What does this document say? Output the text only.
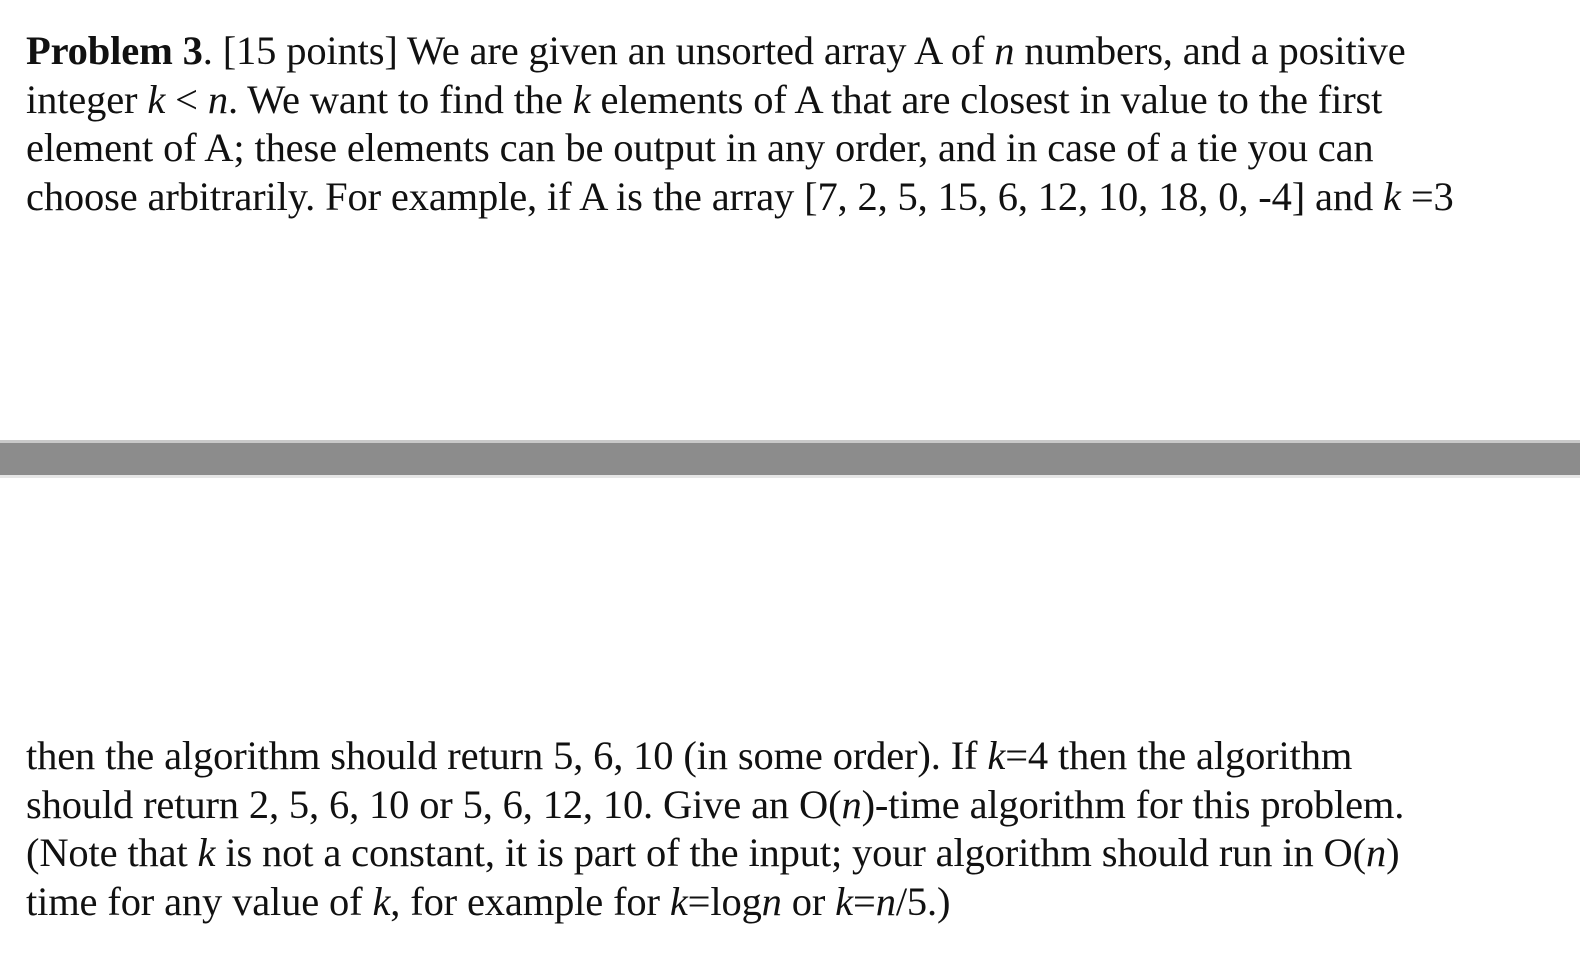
Problem 3. [15 points] We are given an unsorted array A of n numbers, and a positive
integer k < n. We want to find the k elements of A that are closest in value to the first
element of A; these elements can be output in any order, and in case of a tie you can
choose arbitrarily. For example, if A is the array [7, 2, 5, 15, 6, 12, 10, 18, 0, -4] and k =3

then the algorithm should return 5, 6, 10 (in some order). If k=4 then the algorithm
should return 2, 5, 6, 10 or 5, 6, 12, 10. Give an O(n)-time algorithm for this problem.
(Note that k is not a constant, it is part of the input; your algorithm should run in O(n)
time for any value of k, for example for k=logn or k=n/5.)
